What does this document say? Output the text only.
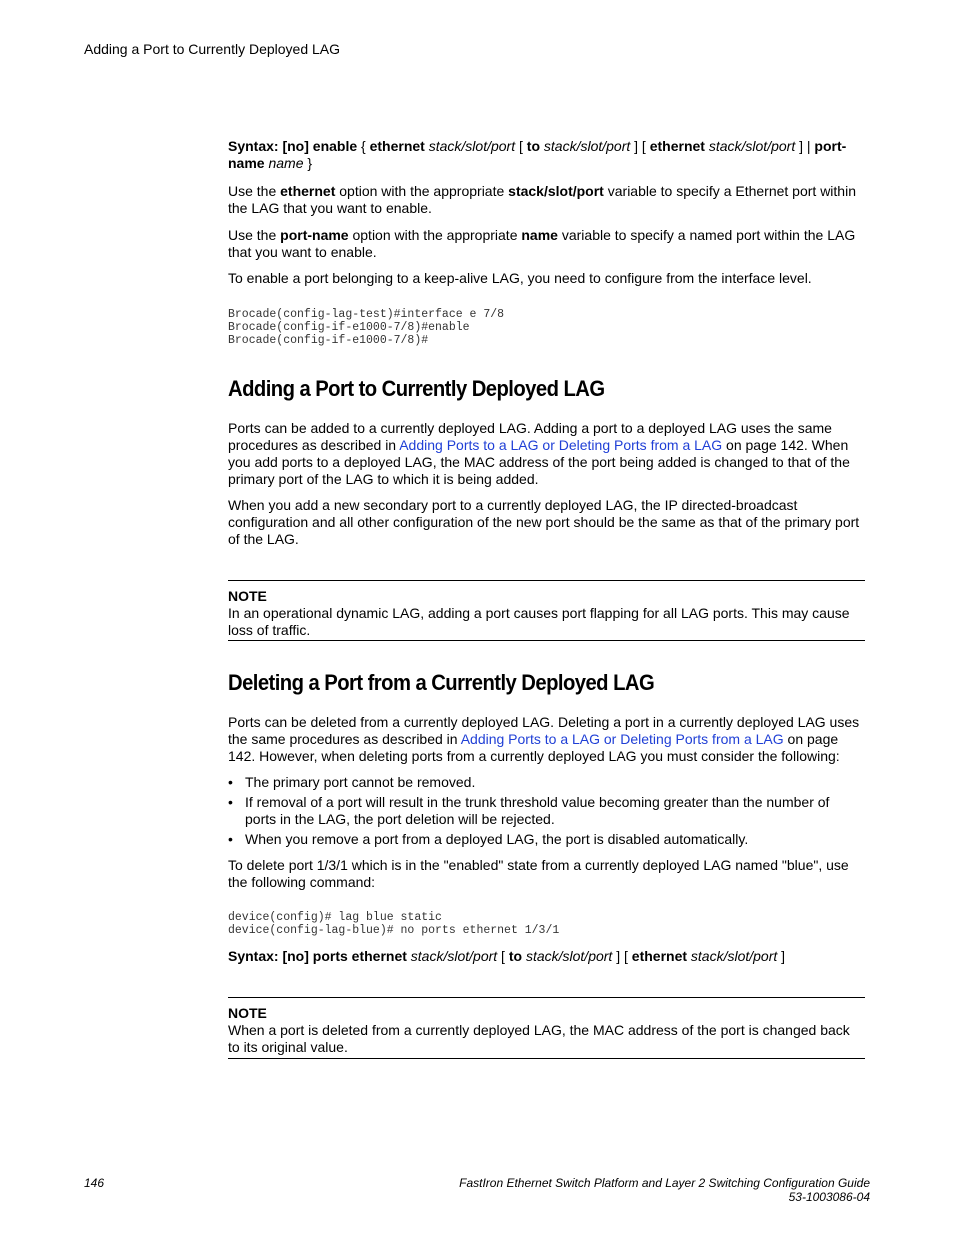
Adding a Port to Currently Deployed LAG

Syntax: [no] enable { ethernet stack/slot/port [ to stack/slot/port ] [ ethernet stack/slot/port ] | port-
name name }

Use the ethernet option with the appropriate stack/slot/port variable to specify a Ethernet port within the LAG that you want to enable.

Use the port-name option with the appropriate name variable to specify a named port within the LAG that you want to enable.

To enable a port belonging to a keep-alive LAG, you need to configure from the interface level.

Brocade(config-lag-test)#interface e 7/8
Brocade(config-if-e1000-7/8)#enable
Brocade(config-if-e1000-7/8)#
Adding a Port to Currently Deployed LAG

Ports can be added to a currently deployed LAG. Adding a port to a deployed LAG uses the same procedures as described in Adding Ports to a LAG or Deleting Ports from a LAG on page 142. When you add ports to a deployed LAG, the MAC address of the port being added is changed to that of the primary port of the LAG to which it is being added.

When you add a new secondary port to a currently deployed LAG, the IP directed-broadcast configuration and all other configuration of the new port should be the same as that of the primary port of the LAG.

NOTE

In an operational dynamic LAG, adding a port causes port flapping for all LAG ports. This may cause loss of traffic.

Deleting a Port from a Currently Deployed LAG

Ports can be deleted from a currently deployed LAG. Deleting a port in a currently deployed LAG uses the same procedures as described in Adding Ports to a LAG or Deleting Ports from a LAG on page 142. However, when deleting ports from a currently deployed LAG you must consider the following:

• The primary port cannot be removed.
• If removal of a port will result in the trunk threshold value becoming greater than the number of ports in the LAG, the port deletion will be rejected.
• When you remove a port from a deployed LAG, the port is disabled automatically.

To delete port 1/3/1 which is in the "enabled" state from a currently deployed LAG named "blue", use the following command:

device(config)# lag blue static
device(config-lag-blue)# no ports ethernet 1/3/1

Syntax: [no] ports ethernet stack/slot/port [ to stack/slot/port ] [ ethernet stack/slot/port ]

NOTE

When a port is deleted from a currently deployed LAG, the MAC address of the port is changed back to its original value.

146	FastIron Ethernet Switch Platform and Layer 2 Switching Configuration Guide
53-1003086-04
